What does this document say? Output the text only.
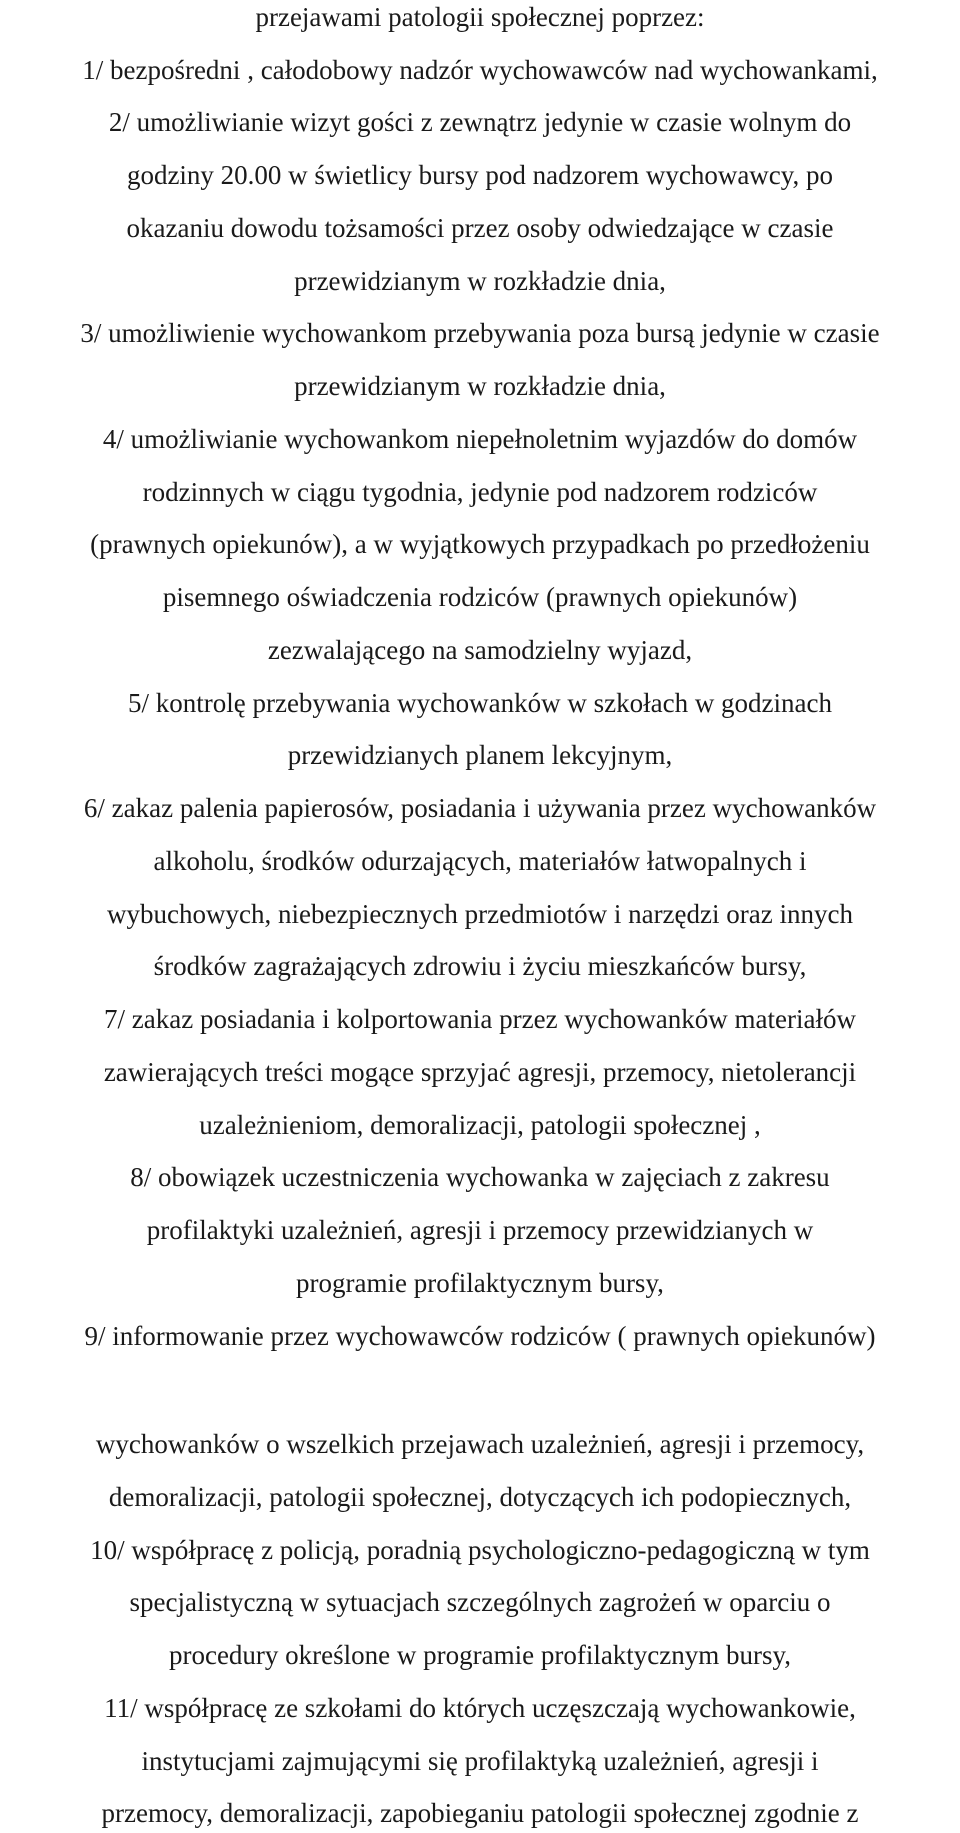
przejawami patologii społecznej poprzez:
1/ bezpośredni , całodobowy nadzór wychowawców nad wychowankami,
2/ umożliwianie wizyt gości z zewnątrz jedynie w czasie wolnym do
godziny 20.00 w świetlicy bursy pod nadzorem wychowawcy, po
okazaniu dowodu tożsamości przez osoby odwiedzające w czasie
przewidzianym w rozkładzie dnia,
3/ umożliwienie wychowankom przebywania poza bursą jedynie w czasie
przewidzianym w rozkładzie dnia,
4/ umożliwianie wychowankom niepełnoletnim wyjazdów do domów
rodzinnych w ciągu tygodnia, jedynie pod nadzorem rodziców
(prawnych opiekunów), a w wyjątkowych przypadkach po przedłożeniu
pisemnego oświadczenia rodziców (prawnych opiekunów)
zezwalającego na samodzielny wyjazd,
5/ kontrolę przebywania wychowanków w szkołach w godzinach
przewidzianych planem lekcyjnym,
6/ zakaz palenia papierosów, posiadania i używania przez wychowanków
alkoholu, środków odurzających, materiałów łatwopalnych i
wybuchowych, niebezpiecznych przedmiotów i narzędzi oraz innych
środków zagrażających zdrowiu i życiu mieszkańców bursy,
7/ zakaz posiadania i kolportowania przez wychowanków materiałów
zawierających treści mogące sprzyjać agresji, przemocy, nietolerancji
uzależnieniom, demoralizacji, patologii społecznej ,
8/ obowiązek uczestniczenia wychowanka w zajęciach z zakresu
profilaktyki uzależnień, agresji i przemocy przewidzianych w
programie profilaktycznym bursy,
9/ informowanie przez wychowawców rodziców ( prawnych opiekunów)
wychowanków o wszelkich przejawach uzależnień, agresji i przemocy,
demoralizacji, patologii społecznej, dotyczących ich podopiecznych,
10/ współpracę z policją, poradnią psychologiczno-pedagogiczną w tym
specjalistyczną w sytuacjach szczególnych zagrożeń w oparciu o
procedury określone w programie profilaktycznym bursy,
11/ współpracę ze szkołami do których uczęszczają wychowankowie,
instytucjami zajmującymi się profilaktyką uzależnień, agresji i
przemocy, demoralizacji, zapobieganiu patologii społecznej zgodnie z
